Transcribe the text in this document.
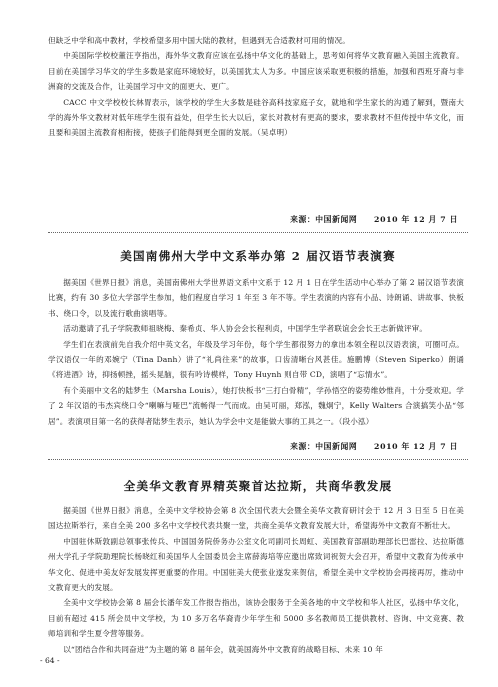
但缺乏中学和高中教材，学校希望多用中国大陆的教材，但遇到无合适教材可用的情况。

中美国际学校校董汪亨指出，海外华文教育应该在弘扬中华文化的基础上，思考如何将华文教育融入美国主流教育。目前在美国学习华文的学生多数是家庭环境较好，以美国犹太人为多。中国应该采取更积极的措施，加强和西班牙裔与非洲裔的交流及合作，让美国学习中文的面更大、更广。

CACC 中文学校校长林胃表示，该学校的学生大多数是硅谷高科技家庭子女，就地和学生家长的沟通了解到，暨南大学的海外华文教材对低年班学生很有益处，但学生长大以后，家长对教材有更高的要求，要求教材不但传授中华文化，而且要和美国主流教育相衔接，使孩子们能得到更全面的发展。（吴卓明）

来源：中国新闻网　　2010 年 12 月 7 日
美国南佛州大学中文系举办第 2 届汉语节表演赛

据美国《世界日报》消息，美国南佛州大学世界语文系中文系于 12 月 1 日在学生活动中心举办了第 2 届汉语节表演比赛，约有 30 多位大学部学生参加，他们程度自学习 1 年至 3 年不等。学生表演的内容有小品、诗朗诵、讲故事、快板书、绕口令，以及流行歌曲演唱等。

活动邀请了孔子学院教师祖晓梅、秦希贞、华人协会会长程利贞，中国学生学者联谊会会长王志新做评审。

学生们在表演前先自我介绍中英文名，年级及学习年份，每个学生都很努力的拿出本领全程以汉语表演，可圈可点。学汉语仅一年的邓婉宁（Tina Danh）讲了“礼尚往来”的故事，口齿清晰台风甚佳。施鹏博（Steven Siperko）朗诵《将进酒》诗，抑扬顿挫，摇头晃脑，很有吟诗模样，Tony Huynh 则自带 CD，演唱了“忘情水”。

有个美丽中文名的陆梦生（Marsha Louis），她打快板书“三打白骨精”，学孙悟空的姿势维妙惟肖，十分受欢迎。学了 2 年汉语的韦杰宾绕口令“喇嘛与哑巴”流畅得一气而成。由吴可丽，郑泓，魏炯宁，Kelly Walters 合演搞笑小品“邻居”。表演项目第一名的获得者陆梦生表示，她认为学会中文是能做大事的工具之一。（段小泓）

来源：中国新闻网　　2010 年 12 月 7 日
全美华文教育界精英聚首达拉斯，共商华教发展

据美国《世界日报》消息，全美中文学校协会第 8 次全国代表大会暨全美华文教育研讨会于 12 月 3 日至 5 日在美国达拉斯举行，来自全美 200 多名中文学校代表共聚一堂，共商全美华文教育发展大计，希望海外中文教育不断壮大。

中国驻休斯敦副总领事张传兵、中国国务院侨务办公室文化司副司长周虹、美国教育部副助理部长巴雷拉、达拉斯德州大学孔子学院助理院长杨晓红和美国华人全国委员会主席薛海培等应邀出席致词祝贺大会召开，希望中文教育为传承中华文化、促进中美友好发展发挥更重要的作用。中国驻美大使张业遂发来贺信，希望全美中文学校协会再接再厉，推动中文教育更大的发展。

全美中文学校协会第 8 届会长潘年发工作报告指出，该协会服务于全美各地的中文学校和华人社区，弘扬中华文化，目前有超过 415 所会员中文学校，为 10 多万名华裔青少年学生和 5000 多名教师员工提供教材、咨询、中文竞赛、教师培训和学生夏令营等服务。

以“团结合作和共同奋进”为主题的第 8 届年会，就美国海外中文教育的战略目标、未来 10 年

- 64 -
